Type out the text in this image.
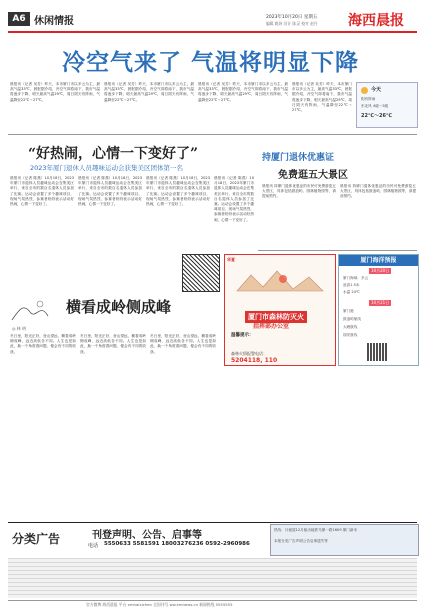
A6 休闲情报	2023年10月20日 星期五
编辑 姚炜 设计 陈灵 校对 赵丹 海西晨报
冷空气来了 气温将明显下降
晨报讯（记者 吴芳）昨天，本市厦门市以多云为主，最高气温33℃，晨报据介绍，冷空气即将南下，我市气温将逐步下降，明天最高气温29℃，周日阴天有阵雨，气温降至22℃～27℃。
晨报讯（记者 吴芳）昨天，本市厦门市以多云为主，最高气温33℃，晨报据介绍，冷空气即将南下，我市气温将逐步下降，明天最高气温29℃，周日阴天有阵雨，气温降至22℃～27℃。
晨报讯（记者 吴芳）昨天，本市厦门市以多云为主，最高气温33℃，晨报据介绍，冷空气即将南下，我市气温将逐步下降，明天最高气温29℃，周日阴天有阵雨，气温降至22℃～27℃。
晨报讯（记者 吴芳）昨天，本市厦门市以多云为主，最高气温33℃，晨报据介绍，冷空气即将南下，我市气温将逐步下降，明天最高气温29℃，周日阴天有阵雨，气温降至22℃～27℃。
今天
阴有阵雨
东北风 4级～5级
22℃～26℃
“好热闹，心情一下变好了”
2023年厦门退休人员趣味运动会获集美区团体第一名
晨报讯（记者 陈燕）10月18日，2023年厦门市退休人员趣味运动会在集美区举行，来自全市的数百名退休人员参加了比赛。运动会设置了多个趣味项目，现场气氛热烈，参赛者纷纷表示活动好热闹，心情一下变好了。
晨报讯（记者 陈燕）10月18日，2023年厦门市退休人员趣味运动会在集美区举行，来自全市的数百名退休人员参加了比赛。运动会设置了多个趣味项目，现场气氛热烈，参赛者纷纷表示活动好热闹，心情一下变好了。
晨报讯（记者 陈燕）10月18日，2023年厦门市退休人员趣味运动会在集美区举行，来自全市的数百名退休人员参加了比赛。运动会设置了多个趣味项目，现场气氛热烈，参赛者纷纷表示活动好热闹，心情一下变好了。
晨报讯（记者 陈燕）10月18日，2023年厦门市退休人员趣味运动会在集美区举行，来自全市的数百名退休人员参加了比赛。运动会设置了多个趣味项目，现场气氛热烈，参赛者纷纷表示活动好热闹，心情一下变好了。
持厦门退休优惠证
免费逛五大景区
晨报讯 持厦门退休优惠证的市民可免费游览五大景区，具体包括鼓浪屿、园林植物园等，请提前预约。
晨报讯 持厦门退休优惠证的市民可免费游览五大景区，具体包括鼓浪屿、园林植物园等，请提前预约。
横看成岭侧成峰
◎ 林 明
冬日里，阳光正好，登山望远，横看成岭侧成峰，远近高低各不同。人生也是如此，换一个角度看问题，便会有不同的收获。
冬日里，阳光正好，登山望远，横看成岭侧成峰，远近高低各不同。人生也是如此，换一个角度看问题，便会有不同的收获。
冬日里，阳光正好，登山望远，横看成岭侧成峰，远近高低各不同。人生也是如此，换一个角度看问题，便会有不同的收获。
华夏
厦门市森林防灭火
指挥部办公室
温馨提示：
森林火情报警电话：
5204118, 110
厦门海洋预报
10月20日
厦门海域：多云
浪高1.5米
水温 24℃
10月21日
厦门港
鼓浪屿航线
大嶝航线
翔安航线
分类广告	刊登声明、公告、启事等
电话 5550633 5581591 18003276236 0592-2960986
热线：月租屋12月租出地铁马厦一路1609 厦门新禾
本报分类广告声明公告启事遗失等
官方微博 海西晨报 平台 xmhaixichen 全国刊号 ww.xmnews.cn 新闻热线 5555555
